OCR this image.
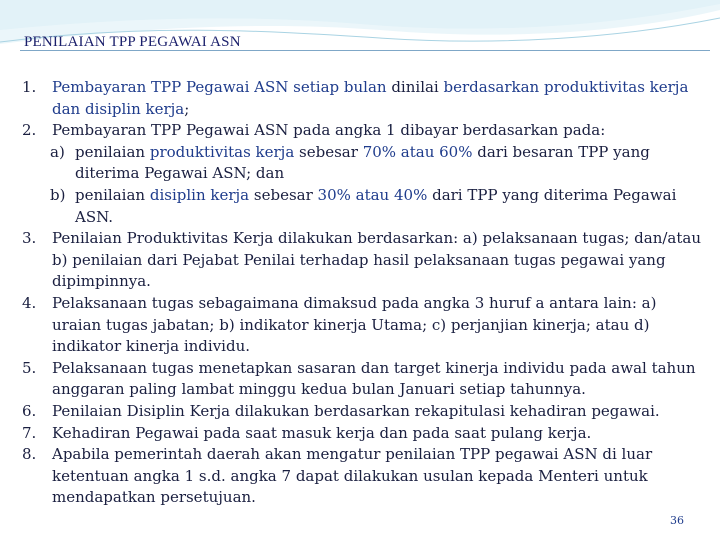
PENILAIAN TPP PEGAWAI ASN
1.	Pembayaran TPP Pegawai ASN setiap bulan dinilai berdasarkan produktivitas kerja dan disiplin kerja;
2.	Pembayaran TPP Pegawai ASN pada angka 1 dibayar berdasarkan pada:
a) penilaian produktivitas kerja sebesar 70% atau 60% dari besaran TPP yang diterima Pegawai ASN; dan
b) penilaian disiplin kerja sebesar 30% atau 40% dari TPP yang diterima Pegawai ASN.
3.	Penilaian Produktivitas Kerja dilakukan berdasarkan: a) pelaksanaan tugas; dan/atau b) penilaian dari Pejabat Penilai terhadap hasil pelaksanaan tugas pegawai yang dipimpinnya.
4.	Pelaksanaan tugas sebagaimana dimaksud pada angka 3 huruf a antara lain: a) uraian tugas jabatan; b) indikator kinerja Utama; c) perjanjian kinerja; atau d) indikator kinerja individu.
5.	Pelaksanaan tugas menetapkan sasaran dan target kinerja individu pada awal tahun anggaran paling lambat minggu kedua bulan Januari setiap tahunnya.
6.	Penilaian Disiplin Kerja dilakukan berdasarkan rekapitulasi kehadiran pegawai.
7.	Kehadiran Pegawai pada saat masuk kerja dan pada saat pulang kerja.
8.	Apabila pemerintah daerah akan mengatur penilaian TPP pegawai ASN di luar ketentuan angka 1 s.d. angka 7 dapat dilakukan usulan kepada Menteri untuk mendapatkan persetujuan.
36
